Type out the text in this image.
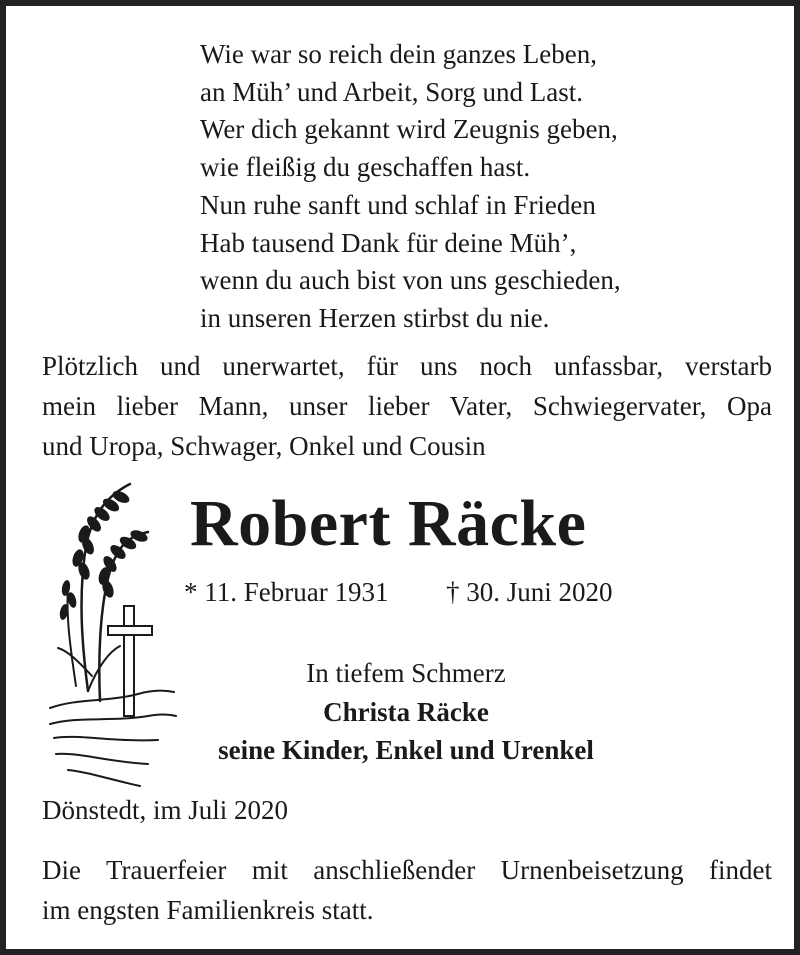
Wie war so reich dein ganzes Leben,
an Müh’ und Arbeit, Sorg und Last.
Wer dich gekannt wird Zeugnis geben,
wie fleißig du geschaffen hast.
Nun ruhe sanft und schlaf in Frieden
Hab tausend Dank für deine Müh’,
wenn du auch bist von uns geschieden,
in unseren Herzen stirbst du nie.
Plötzlich und unerwartet, für uns noch unfassbar, verstarb
mein lieber Mann, unser lieber Vater, Schwiegervater, Opa
und Uropa, Schwager, Onkel und Cousin
Robert Räcke
* 11. Februar 1931 † 30. Juni 2020
In tiefem Schmerz
Christa Räcke
seine Kinder, Enkel und Urenkel
Dönstedt, im Juli 2020
Die Trauerfeier mit anschließender Urnenbeisetzung findet
im engsten Familienkreis statt.
